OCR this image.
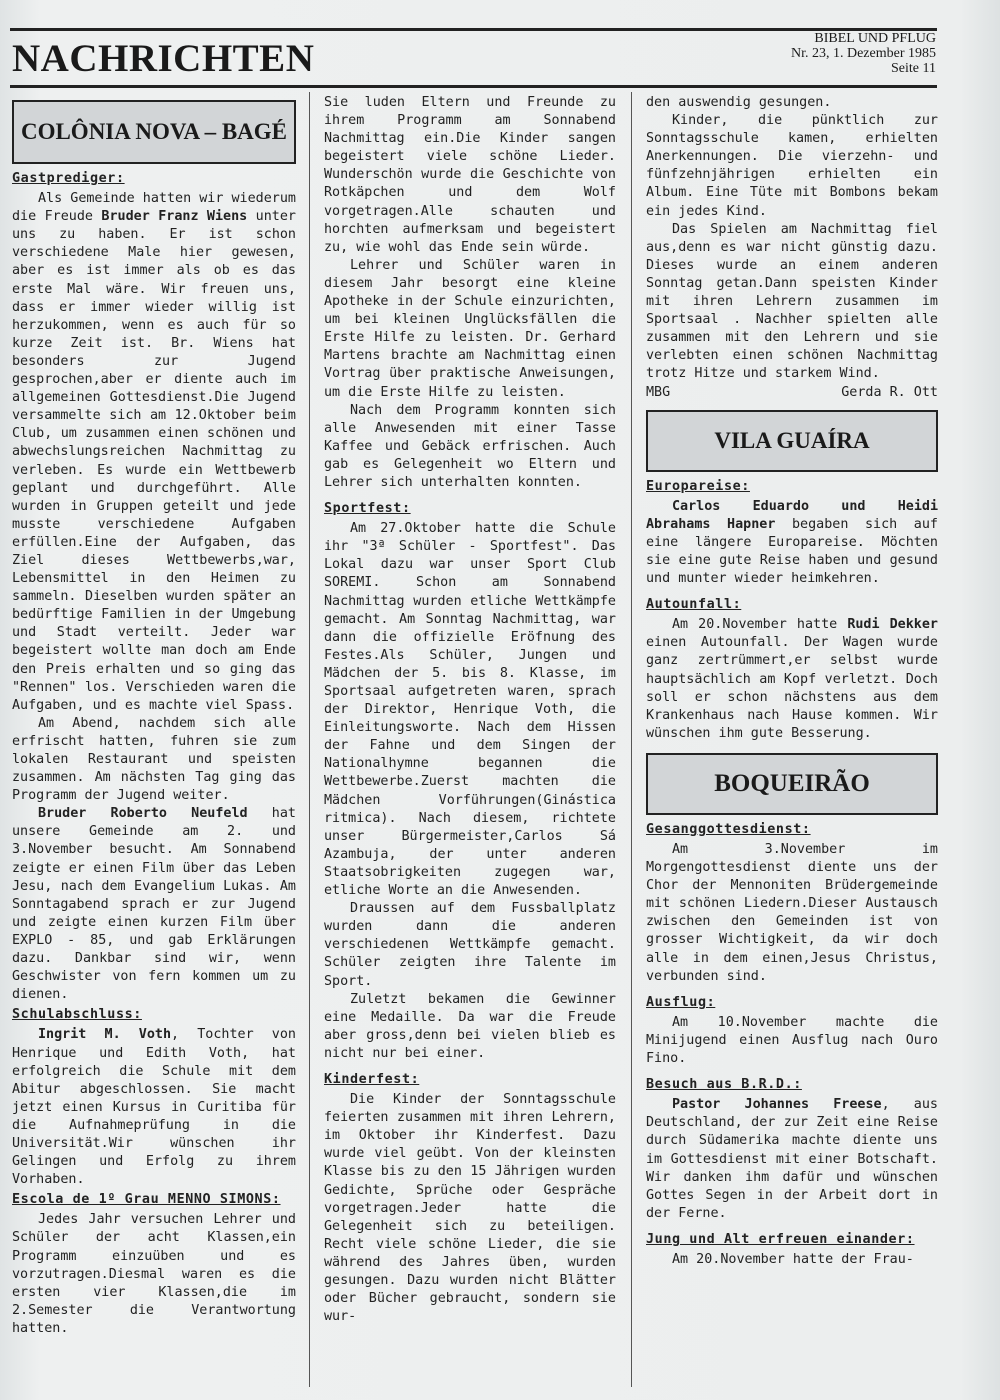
NACHRICHTEN	BIBEL UND PFLUG
Nr. 23, 1. Dezember 1985
Seite 11
COLÔNIA NOVA – BAGÉ
Gastprediger:

Als Gemeinde hatten wir wiederum die Freude Bruder Franz Wiens unter uns zu haben. Er ist schon verschiedene Male hier gewesen, aber es ist immer als ob es das erste Mal wäre. Wir freuen uns, dass er immer wieder willig ist herzukommen, wenn es auch für so kurze Zeit ist. Br. Wiens hat besonders zur Jugend gesprochen,aber er diente auch im allgemeinen Gottesdienst.Die Jugend versammelte sich am 12.Oktober beim Club, um zusammen einen schönen und abwechslungsreichen Nachmittag zu verleben. Es wurde ein Wettbewerb geplant und durchgeführt. Alle wurden in Gruppen geteilt und jede musste verschiedene Aufgaben erfüllen.Eine der Aufgaben, das Ziel dieses Wettbewerbs,war, Lebensmittel in den Heimen zu sammeln. Dieselben wurden später an bedürftige Familien in der Umgebung und Stadt verteilt. Jeder war begeistert wollte man doch am Ende den Preis erhalten und so ging das "Rennen" los. Verschieden waren die Aufgaben, und es machte viel Spass.

Am Abend, nachdem sich alle erfrischt hatten, fuhren sie zum lokalen Restaurant und speisten zusammen. Am nächsten Tag ging das Programm der Jugend weiter.

Bruder Roberto Neufeld hat unsere Gemeinde am 2. und 3.November besucht. Am Sonnabend zeigte er einen Film über das Leben Jesu, nach dem Evangelium Lukas. Am Sonntagabend sprach er zur Jugend und zeigte einen kurzen Film über EXPLO - 85, und gab Erklärungen dazu. Dankbar sind wir, wenn Geschwister von fern kommen um zu dienen.

Schulabschluss:

Ingrit M. Voth, Tochter von Henrique und Edith Voth, hat erfolgreich die Schule mit dem Abitur abgeschlossen. Sie macht jetzt einen Kursus in Curitiba für die Aufnahmeprüfung in die Universität.Wir wünschen ihr Gelingen und Erfolg zu ihrem Vorhaben.

Escola de 1º Grau MENNO SIMONS:

Jedes Jahr versuchen Lehrer und Schüler der acht Klassen,ein Programm einzuüben und es vorzutragen.Diesmal waren es die ersten vier Klassen,die im 2.Semester die Verantwortung hatten.

Sie luden Eltern und Freunde zu ihrem Programm am Sonnabend Nachmittag ein.Die Kinder sangen begeistert viele schöne Lieder. Wunderschön wurde die Geschichte von Rotkäpchen und dem Wolf vorgetragen.Alle schauten und horchten aufmerksam und begeistert zu, wie wohl das Ende sein würde.

Lehrer und Schüler waren in diesem Jahr besorgt eine kleine Apotheke in der Schule einzurichten, um bei kleinen Unglücksfällen die Erste Hilfe zu leisten. Dr. Gerhard Martens brachte am Nachmittag einen Vortrag über praktische Anweisungen, um die Erste Hilfe zu leisten.

Nach dem Programm konnten sich alle Anwesenden mit einer Tasse Kaffee und Gebäck erfrischen. Auch gab es Gelegenheit wo Eltern und Lehrer sich unterhalten konnten.

Sportfest:

Am 27.Oktober hatte die Schule ihr "3ª Schüler - Sportfest". Das Lokal dazu war unser Sport Club SOREMI. Schon am Sonnabend Nachmittag wurden etliche Wettkämpfe gemacht. Am Sonntag Nachmittag, war dann die offizielle Eröfnung des Festes.Als Schüler, Jungen und Mädchen der 5. bis 8. Klasse, im Sportsaal aufgetreten waren, sprach der Direktor, Henrique Voth, die Einleitungsworte. Nach dem Hissen der Fahne und dem Singen der Nationalhymne begannen die Wettbewerbe.Zuerst machten die Mädchen Vorführungen(Ginástica ritmica). Nach diesem, richtete unser Bürgermeister,Carlos Sá Azambuja, der unter anderen Staatsobrigkeiten zugegen war, etliche Worte an die Anwesenden.

Draussen auf dem Fussballplatz wurden dann die anderen verschiedenen Wettkämpfe gemacht. Schüler zeigten ihre Talente im Sport.

Zuletzt bekamen die Gewinner eine Medaille. Da war die Freude aber gross,denn bei vielen blieb es nicht nur bei einer.

Kinderfest:

Die Kinder der Sonntagsschule feierten zusammen mit ihren Lehrern, im Oktober ihr Kinderfest. Dazu wurde viel geübt. Von der kleinsten Klasse bis zu den 15 Jährigen wurden Gedichte, Sprüche oder Gespräche vorgetragen.Jeder hatte die Gelegenheit sich zu beteiligen. Recht viele schöne Lieder, die sie während des Jahres üben, wurden gesungen. Dazu wurden nicht Blätter oder Bücher gebraucht, sondern sie wur-

den auswendig gesungen.

Kinder, die pünktlich zur Sonntagsschule kamen, erhielten Anerkennungen. Die vierzehn- und fünfzehnjährigen erhielten ein Album. Eine Tüte mit Bombons bekam ein jedes Kind.

Das Spielen am Nachmittag fiel aus,denn es war nicht günstig dazu. Dieses wurde an einem anderen Sonntag getan.Dann speisten Kinder mit ihren Lehrern zusammen im Sportsaal . Nachher spielten alle zusammen mit den Lehrern und sie verlebten einen schönen Nachmittag trotz Hitze und starkem Wind.

MBG	Gerda R. Ott
VILA GUAÍRA
Europareise:

Carlos Eduardo und Heidi Abrahams Hapner begaben sich auf eine längere Europareise. Möchten sie eine gute Reise haben und gesund und munter wieder heimkehren.

Autounfall:

Am 20.November hatte Rudi Dekker einen Autounfall. Der Wagen wurde ganz zertrümmert,er selbst wurde hauptsächlich am Kopf verletzt. Doch soll er schon nächstens aus dem Krankenhaus nach Hause kommen. Wir wünschen ihm gute Besserung.

BOQUEIRÃO
Gesanggottesdienst:

Am 3.November im Morgengottesdienst diente uns der Chor der Mennoniten Brüdergemeinde mit schönen Liedern.Dieser Austausch zwischen den Gemeinden ist von grosser Wichtigkeit, da wir doch alle in dem einen,Jesus Christus, verbunden sind.

Ausflug:

Am 10.November machte die Minijugend einen Ausflug nach Ouro Fino.

Besuch aus B.R.D.:

Pastor Johannes Freese, aus Deutschland, der zur Zeit eine Reise durch Südamerika machte diente uns im Gottesdienst mit einer Botschaft. Wir danken ihm dafür und wünschen Gottes Segen in der Arbeit dort in der Ferne.

Jung und Alt erfreuen einander:

Am 20.November hatte der Frau-
